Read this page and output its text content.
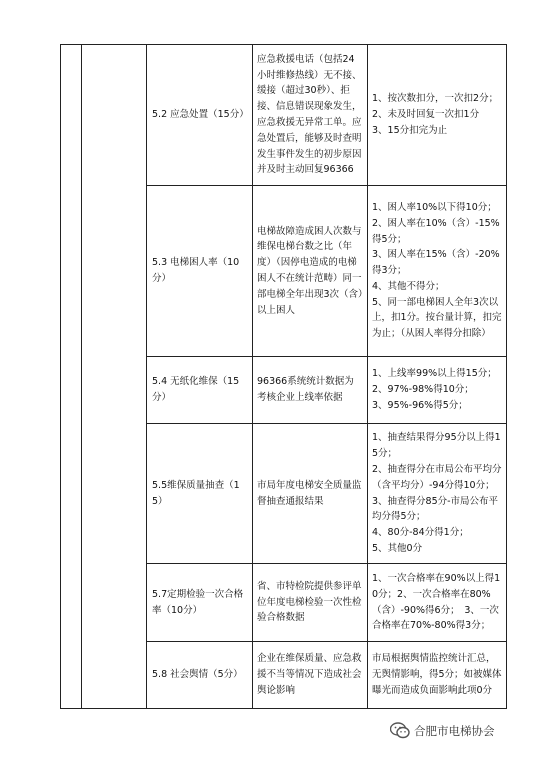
		5.2 应急处置（15分）	应急救援电话（包括24小时维修热线）无不接、缓接（超过30秒）、拒接、信息错误现象发生，应急救援无异常工单。应急处置后，能够及时查明发生事件发生的初步原因并及时主动回复96366	1、按次数扣分，一次扣2分；
2、未及时回复一次扣1分
3、15分扣完为止
		5.3 电梯困人率（10分）	电梯故障造成困人次数与维保电梯台数之比（年度）（因停电造成的电梯困人不在统计范畴）同一部电梯全年出现3次（含）以上困人	1、困人率10%以下得10分；
2、困人率在10%（含）-15%得5分；
3、困人率在15%（含）-20%得3分；
4、其他不得分；
5、同一部电梯困人全年3次以上，扣1分。按台量计算，扣完为止；（从困人率得分扣除）
		5.4 无纸化维保（15分）	96366系统统计数据为考核企业上线率依据	1、上线率99%以上得15分；
2、97%-98%得10分；
3、95%-96%得5分；
		5.5维保质量抽查（15）	市局年度电梯安全质量监督抽查通报结果	1、抽查结果得分95分以上得15分；
2、抽查得分在市局公布平均分（含平均分）-94分得10分；
3、抽查得分85分-市局公布平均分得5分；
4、80分-84分得1分；
5、其他0分
		5.7定期检验一次合格率（10分）	省、市特检院提供参评单位年度电梯检验一次性检验合格数据	1、一次合格率在90%以上得10分；2、一次合格率在80%（含）-90%得6分；　3、一次合格率在70%-80%得3分；
		5.8 社会舆情（5分）	企业在维保质量、应急救援不当等情况下造成社会舆论影响	市局根据舆情监控统计汇总，无舆情影响，得5分；如被媒体曝光而造成负面影响此项0分
合肥市电梯协会
